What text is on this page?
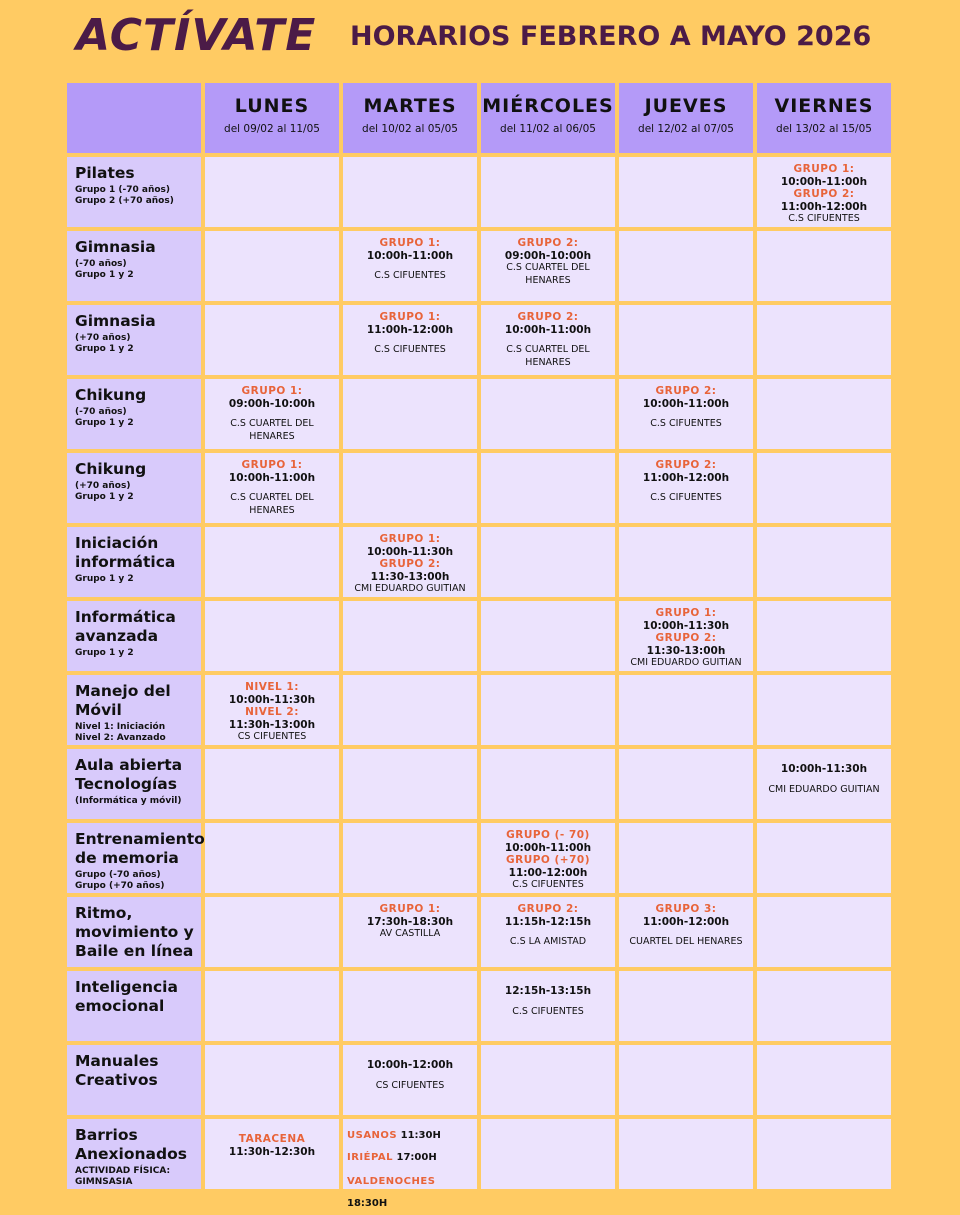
ACTÍVATE HORARIOS FEBRERO A MAYO 2026
LUNES
del 09/02 al 11/05
MARTES
del 10/02 al 05/05
MIÉRCOLES
del 11/02 al 06/05
JUEVES
del 12/02 al 07/05
VIERNES
del 13/02 al 15/05
Pilates
Grupo 1 (-70 años)
Grupo 2 (+70 años)
GRUPO 1:
10:00h-11:00h
GRUPO 2:
11:00h-12:00h
C.S CIFUENTES
Gimnasia
(-70 años)
Grupo 1 y 2
GRUPO 1:
10:00h-11:00h
C.S CIFUENTES
GRUPO 2:
09:00h-10:00h
C.S CUARTEL DEL
HENARES
Gimnasia
(+70 años)
Grupo 1 y 2
GRUPO 1:
11:00h-12:00h
C.S CIFUENTES
GRUPO 2:
10:00h-11:00h
C.S CUARTEL DEL
HENARES
Chikung
(-70 años)
Grupo 1 y 2
GRUPO 1:
09:00h-10:00h
C.S CUARTEL DEL
HENARES
GRUPO 2:
10:00h-11:00h
C.S CIFUENTES
Chikung
(+70 años)
Grupo 1 y 2
GRUPO 1:
10:00h-11:00h
C.S CUARTEL DEL
HENARES
GRUPO 2:
11:00h-12:00h
C.S CIFUENTES
Iniciación
informática
Grupo 1 y 2
GRUPO 1:
10:00h-11:30h
GRUPO 2:
11:30-13:00h
CMI EDUARDO GUITIAN
Informática
avanzada
Grupo 1 y 2
GRUPO 1:
10:00h-11:30h
GRUPO 2:
11:30-13:00h
CMI EDUARDO GUITIAN
Manejo del
Móvil
Nivel 1: Iniciación
Nivel 2: Avanzado
NIVEL 1:
10:00h-11:30h
NIVEL 2:
11:30h-13:00h
CS CIFUENTES
Aula abierta
Tecnologías
(Informática y móvil)
10:00h-11:30h
CMI EDUARDO GUITIAN
Entrenamiento
de memoria
Grupo (-70 años)
Grupo (+70 años)
GRUPO (- 70)
10:00h-11:00h
GRUPO (+70)
11:00-12:00h
C.S CIFUENTES
Ritmo,
movimiento y
Baile en línea
GRUPO 1:
17:30h-18:30h
AV CASTILLA
GRUPO 2:
11:15h-12:15h
C.S LA AMISTAD
GRUPO 3:
11:00h-12:00h
CUARTEL DEL HENARES
Inteligencia
emocional
12:15h-13:15h
C.S CIFUENTES
Manuales
Creativos
10:00h-12:00h
CS CIFUENTES
Barrios
Anexionados
ACTIVIDAD FÍSICA:
GIMNSASIA
TARACENA
11:30h-12:30h
USANOS 11:30H
IRIÉPAL 17:00H
VALDENOCHES 18:30H
